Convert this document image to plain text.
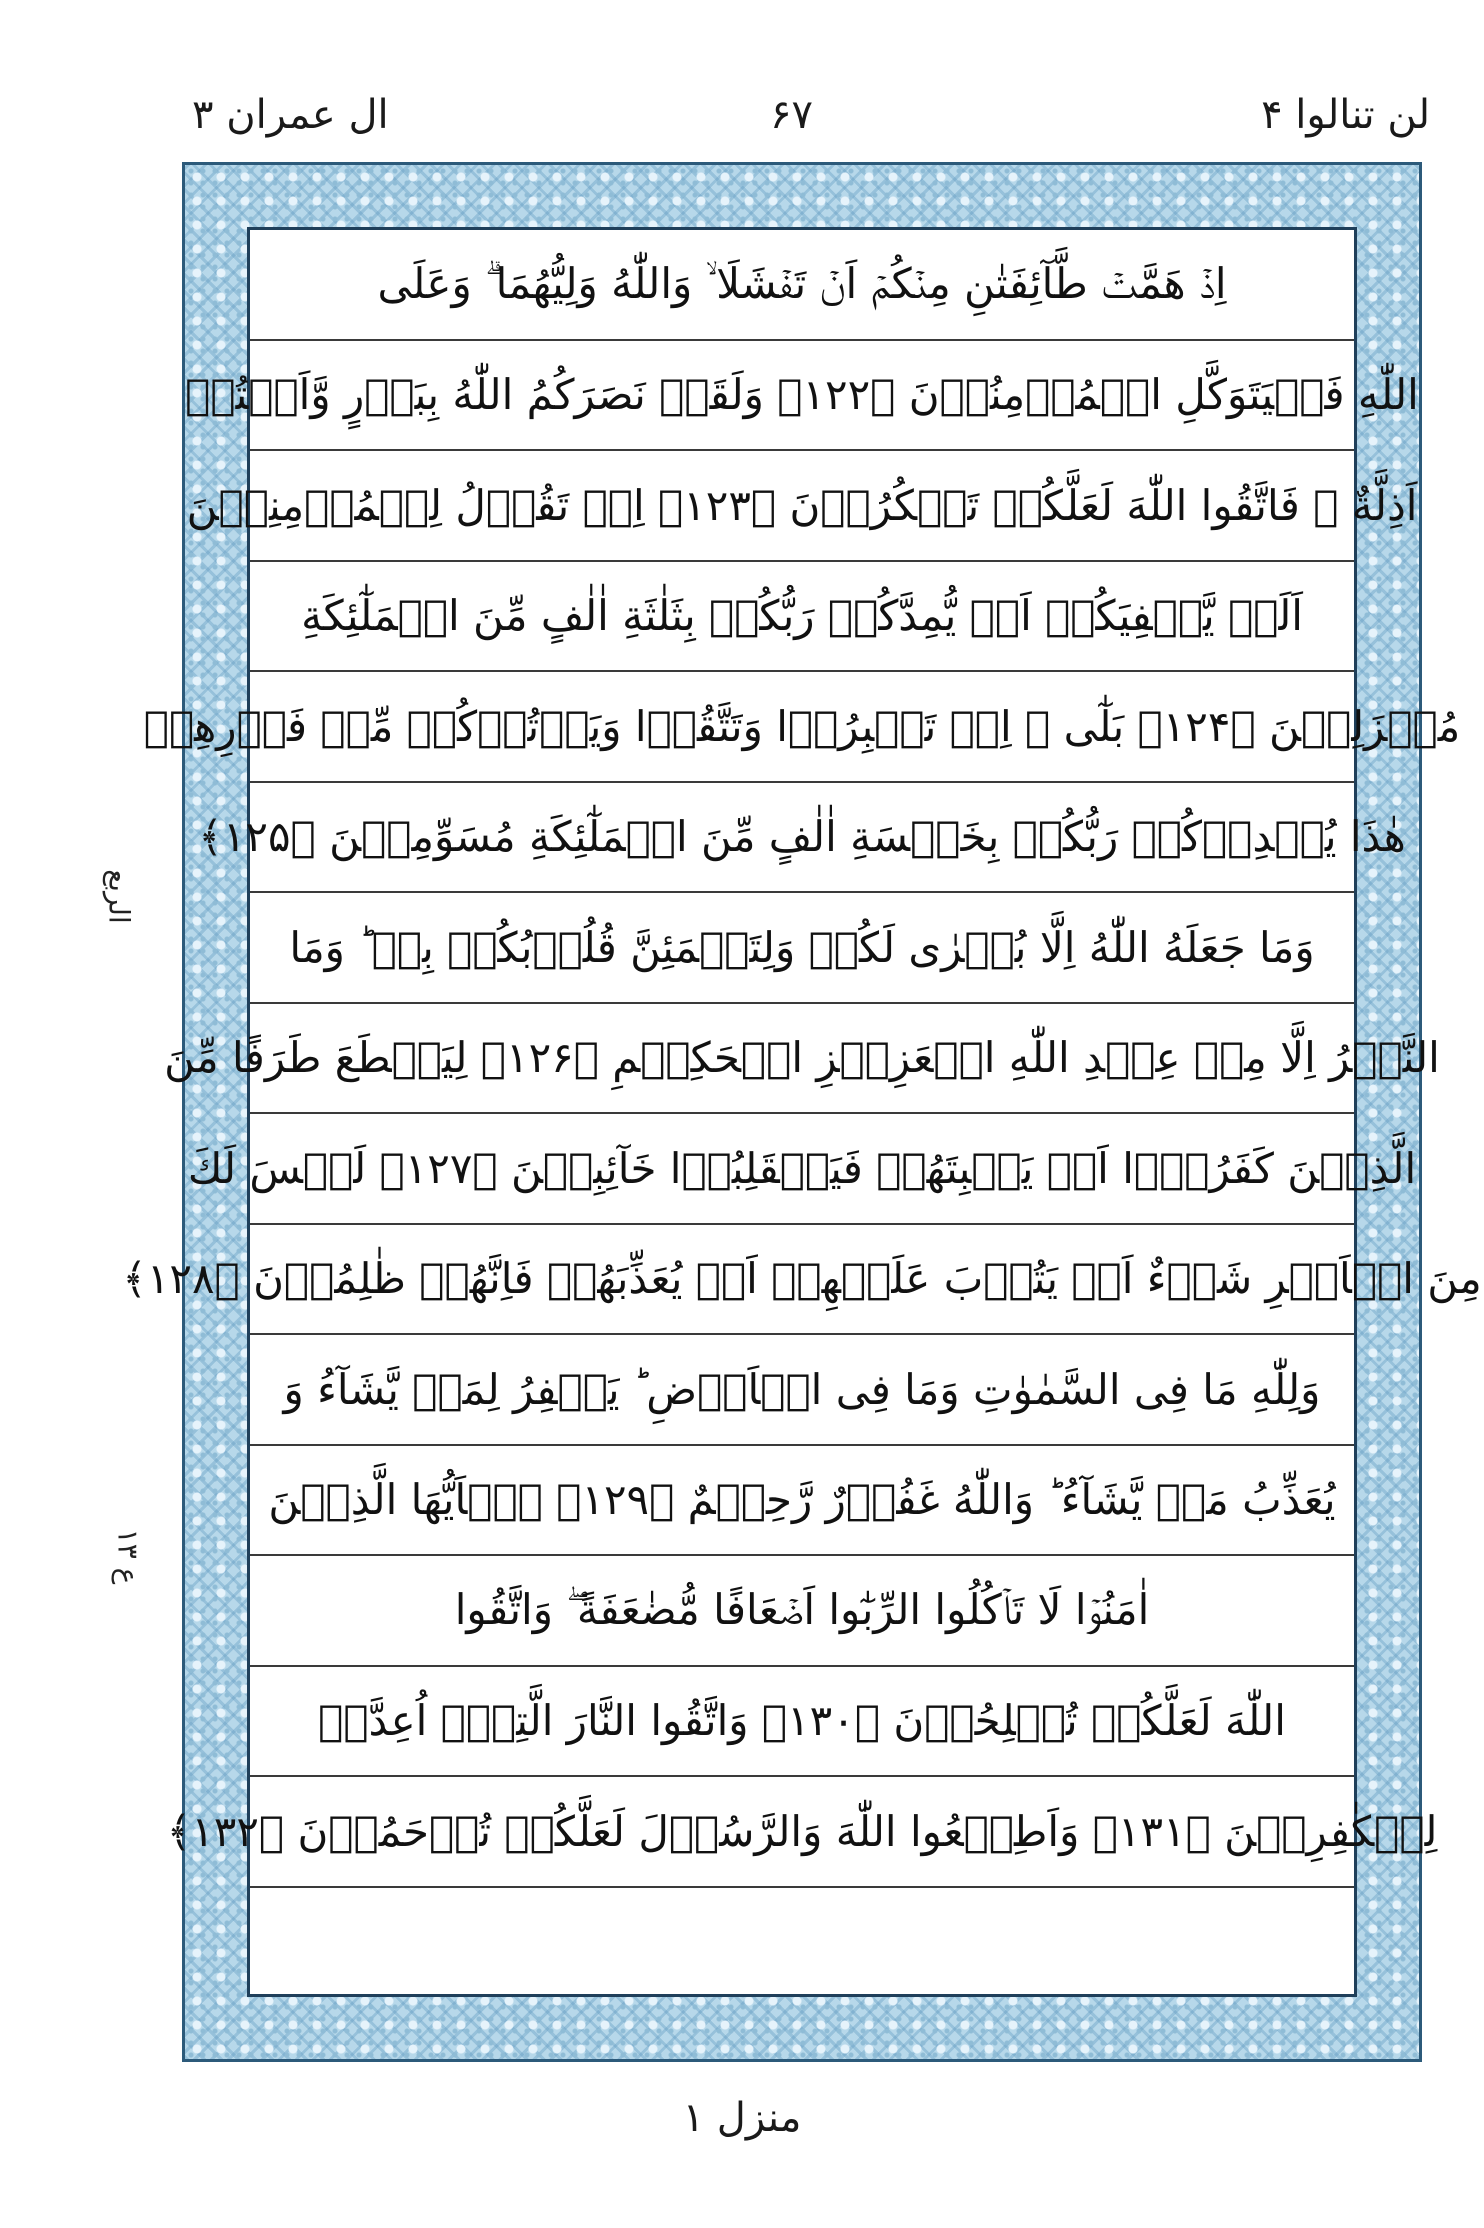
ال عمران ۳	۶۷	لن تنالوا ۴
الربع
ع ۱۳
اِذۡ هَمَّتۡ طَّآئِفَتٰنِ مِنۡكُمۡ اَنۡ تَفۡشَلَا ۙ وَاللّٰهُ وَلِيُّهُمَا ۗ وَعَلَى
اللّٰهِ فَلۡيَتَوَكَّلِ الۡمُؤۡمِنُوۡنَ ﴿۱۲۲﴾ وَلَقَدۡ نَصَرَكُمُ اللّٰهُ بِبَدۡرٍ وَّاَنۡتُمۡ
اَذِلَّةٌ ۚ فَاتَّقُوا اللّٰهَ لَعَلَّكُمۡ تَشۡكُرُوۡنَ ﴿۱۲۳﴾ اِذۡ تَقُوۡلُ لِلۡمُؤۡمِنِيۡنَ
اَلَنۡ يَّكۡفِيَكُمۡ اَنۡ يُّمِدَّكُمۡ رَبُّكُمۡ بِثَلٰثَةِ اٰلٰفٍ مِّنَ الۡمَلٰٓئِكَةِ
مُنۡزَلِيۡنَ ﴿۱۲۴﴾ بَلٰٓى ۙ اِنۡ تَصۡبِرُوۡا وَتَتَّقُوۡا وَيَاۡتُوۡكُمۡ مِّنۡ فَوۡرِهِمۡ
هٰذَا يُمۡدِدۡكُمۡ رَبُّكُمۡ بِخَمۡسَةِ اٰلٰفٍ مِّنَ الۡمَلٰٓئِكَةِ مُسَوِّمِيۡنَ ﴿۱۲۵﴾
وَمَا جَعَلَهُ اللّٰهُ اِلَّا بُشۡرٰى لَكُمۡ وَلِتَطۡمَئِنَّ قُلُوۡبُكُمۡ بِهٖ ؕ وَمَا
النَّصۡرُ اِلَّا مِنۡ عِنۡدِ اللّٰهِ الۡعَزِيۡزِ الۡحَكِيۡمِ ﴿۱۲۶﴾ لِيَقۡطَعَ طَرَفًا مِّنَ
الَّذِيۡنَ كَفَرُوۡۤا اَوۡ يَكۡبِتَهُمۡ فَيَنۡقَلِبُوۡا خَآئِبِيۡنَ ﴿۱۲۷﴾ لَيۡسَ لَكَ
مِنَ الۡاَمۡرِ شَىۡءٌ اَوۡ يَتُوۡبَ عَلَيۡهِمۡ اَوۡ يُعَذِّبَهُمۡ فَاِنَّهُمۡ ظٰلِمُوۡنَ ﴿۱۲۸﴾
وَلِلّٰهِ مَا فِى السَّمٰوٰتِ وَمَا فِى الۡاَرۡضِ ؕ يَغۡفِرُ لِمَنۡ يَّشَآءُ وَ
يُعَذِّبُ مَنۡ يَّشَآءُ ؕ وَاللّٰهُ غَفُوۡرٌ رَّحِيۡمٌ ﴿۱۲۹﴾ يٰۤاَيُّهَا الَّذِيۡنَ
اٰمَنُوۡا لَا تَاۡكُلُوا الرِّبٰٓوا اَضۡعَافًا مُّضٰعَفَةً ۖ وَاتَّقُوا
اللّٰهَ لَعَلَّكُمۡ تُفۡلِحُوۡنَ ﴿۱۳۰﴾ وَاتَّقُوا النَّارَ الَّتِىۡۤ اُعِدَّتۡ
لِلۡكٰفِرِيۡنَ ﴿۱۳۱﴾ وَاَطِيۡعُوا اللّٰهَ وَالرَّسُوۡلَ لَعَلَّكُمۡ تُرۡحَمُوۡنَ ﴿۱۳۲﴾
منزل ۱
